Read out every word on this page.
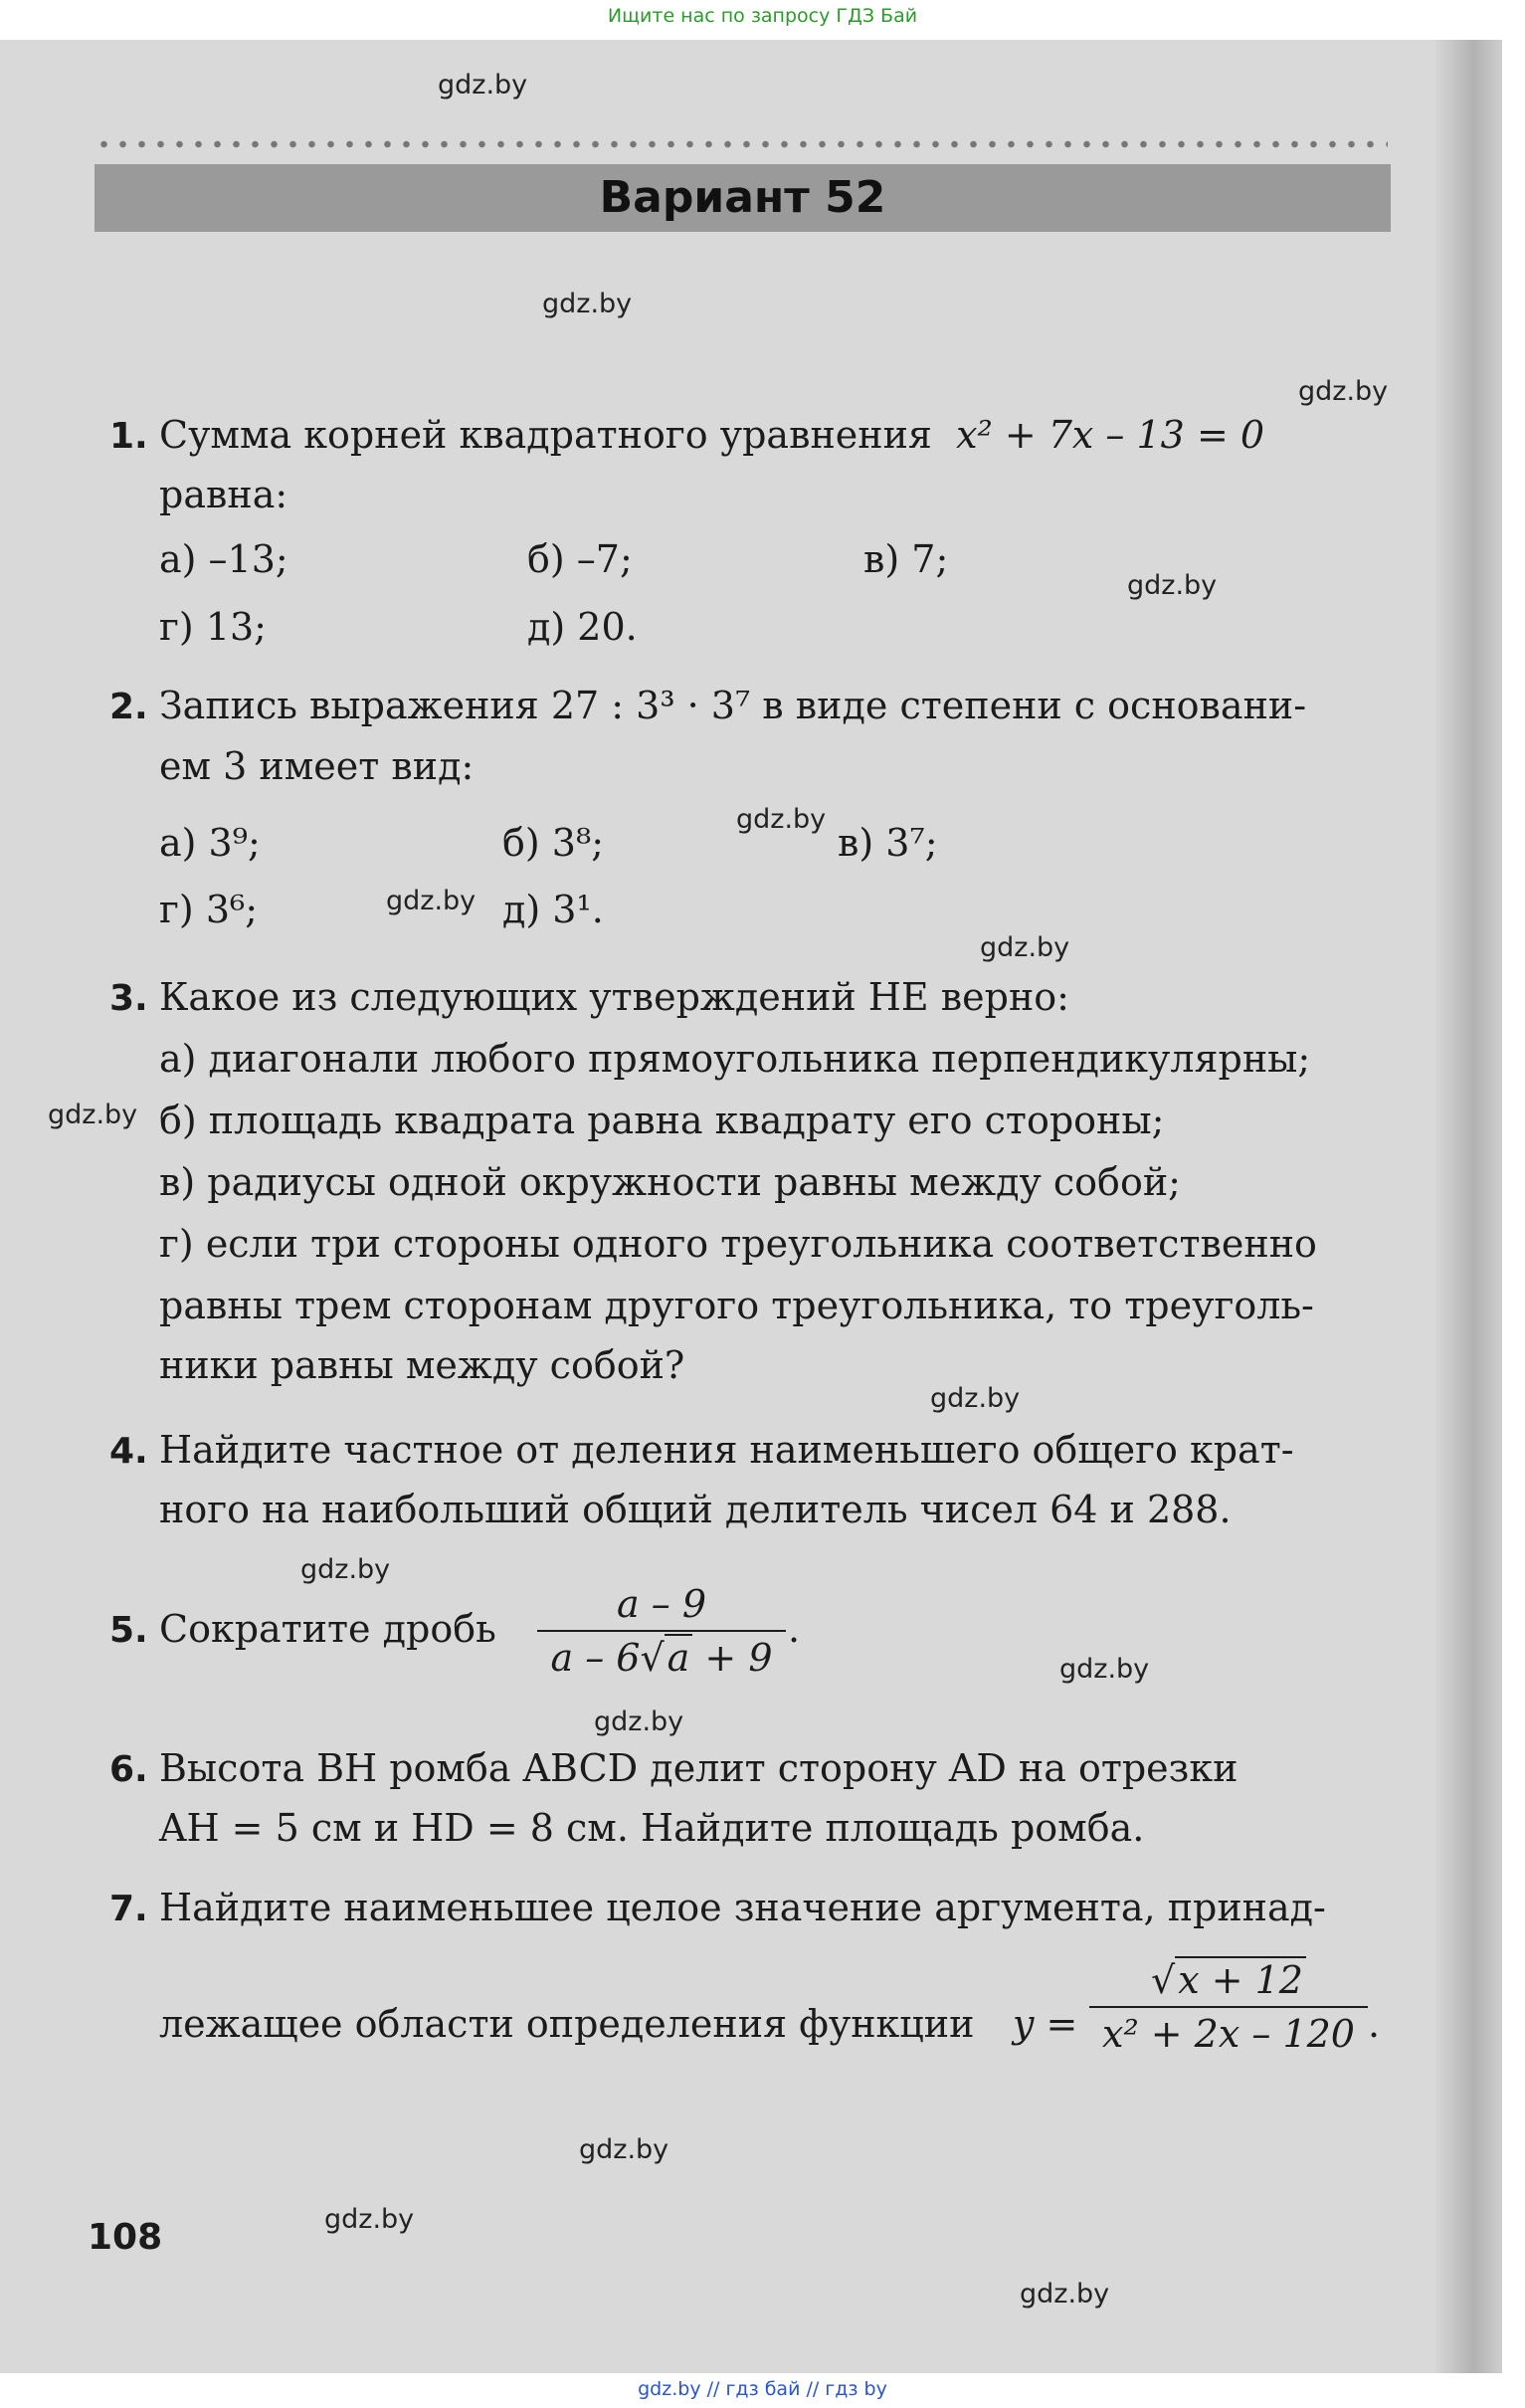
Ищите нас по запросу ГДЗ Бай
gdz.by // гдз бай // гдз by
gdz.by
gdz.by
gdz.by
gdz.by
gdz.by
gdz.by
gdz.by
gdz.by
gdz.by
gdz.by
gdz.by
gdz.by
gdz.by
gdz.by
gdz.by
Вариант 52
1. Сумма корней квадратного уравнения x² + 7x – 13 = 0
равна:
а) –13;	б) –7;	в) 7;
г) 13;	д) 20.
2. Запись выражения 27 : 3³ · 3⁷ в виде степени с основани-
ем 3 имеет вид:
а) 3⁹;	б) 3⁸;	в) 3⁷;
г) 3⁶;	д) 3¹.
3. Какое из следующих утверждений НЕ верно:
а) диагонали любого прямоугольника перпендикулярны;
б) площадь квадрата равна квадрату его стороны;
в) радиусы одной окружности равны между собой;
г) если три стороны одного треугольника соответственно
равны трем сторонам другого треугольника, то треуголь-
ники равны между собой?
4. Найдите частное от деления наименьшего общего крат-
ного на наибольший общий делитель чисел 64 и 288.
5. Сократите дробь
a – 9
a – 6√a + 9
.
6. Высота BH ромба ABCD делит сторону AD на отрезки
AH = 5 см и HD = 8 см. Найдите площадь ромба.
7. Найдите наименьшее целое значение аргумента, принад-
лежащее области определения функции y =
√x + 12
x² + 2x – 120 .
108
